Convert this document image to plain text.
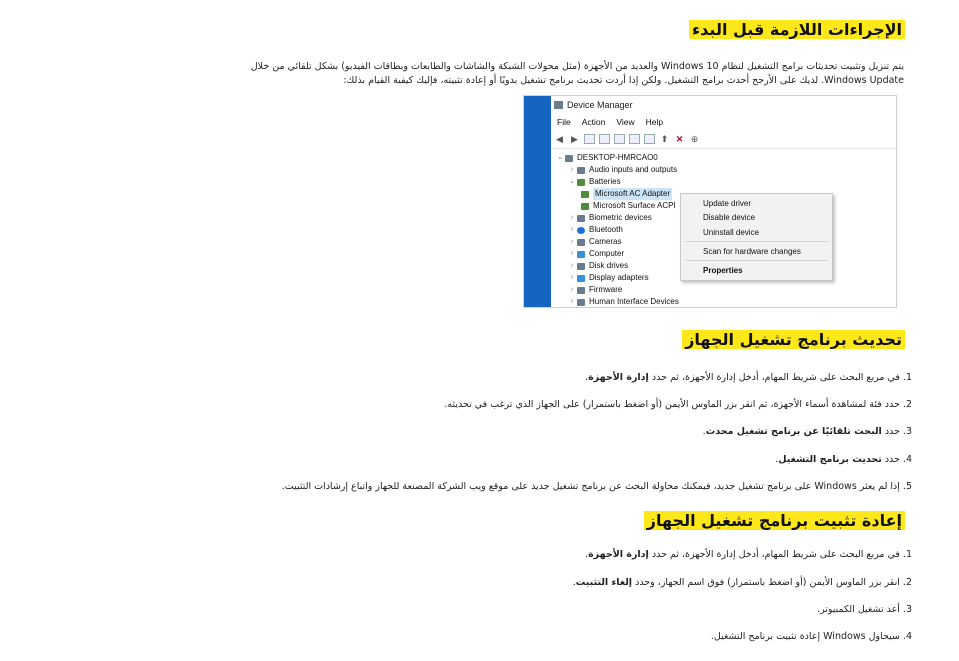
الإجراءات اللازمة قبل البدء
يتم تنزيل وتثبيت تحديثات برامج التشغيل لنظام Windows 10 والعديد من الأجهزة (مثل محولات الشبكة والشاشات والطابعات وبطاقات الفيديو) بشكل تلقائي من خلال
Windows Update. لديك على الأرجح أحدث برامج التشغيل. ولكن إذا أردت تحديث برنامج تشغيل بدويًا أو إعادة تثبيته، فإليك كيفية القيام بذلك:
Device Manager
File Action View Help
◀ ▶	⬆ ✕ ⊕
⌄ DESKTOP-HMRCAO0
›	Audio inputs and outputs
⌄ Batteries
Microsoft AC Adapter
Microsoft Surface ACPI
›	Biometric devices
›	Bluetooth
›	Cameras
›	Computer
›	Disk drives
›	Display adapters
›	Firmware
›	Human Interface Devices
Update driver
Disable device
Uninstall device
Scan for hardware changes
Properties
تحديث برنامج تشغيل الجهاز
1. في مربع البحث على شريط المهام، أدخل إدارة الأجهزة، ثم حدد إدارة الأجهزة.
2. حدد فئة لمشاهدة أسماء الأجهزة، ثم انقر بزر الماوس الأيمن (أو اضغط باستمرار) على الجهاز الذي ترغب في تحديثه.
3. حدد البحث تلقائيًا عن برنامج تشغيل محدث.
4. حدد تحديث برنامج التشغيل.
5. إذا لم يعثر Windows على برنامج تشغيل جديد، فيمكنك محاولة البحث عن برنامج تشغيل جديد على موقع ويب الشركة المصنعة للجهاز واتباع إرشادات التثبيت.
إعادة تثبيت برنامج تشغيل الجهاز
1. في مربع البحث على شريط المهام، أدخل إدارة الأجهزة، ثم حدد إدارة الأجهزة.
2. انقر بزر الماوس الأيمن (أو اضغط باستمرار) فوق اسم الجهاز، وحدد إلغاء التثبيت.
3. أعد تشغيل الكمبيوتر.
4. سيحاول Windows إعادة تثبيت برنامج التشغيل.
